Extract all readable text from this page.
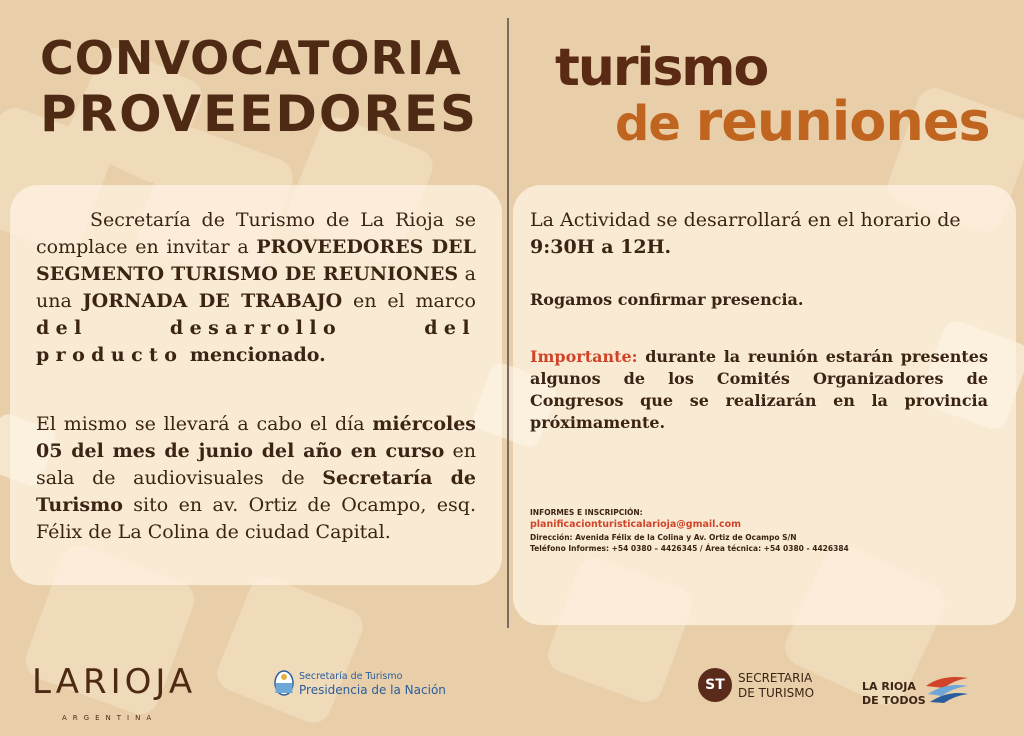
CONVOCATORIA
PROVEEDORES
turismo
de reuniones
Secretaría de Turismo de La Rioja se complace en invitar a PROVEEDORES DEL SEGMENTO TURISMO DE REUNIONES a una JORNADA DE TRABAJO en el marco del desarrollo del producto mencionado.
El mismo se llevará a cabo el día miércoles 05 del mes de junio del año en curso en sala de audiovisuales de Secretaría de Turismo sito en av. Ortiz de Ocampo, esq. Félix de La Colina de ciudad Capital.
La Actividad se desarrollará en el horario de 9:30H a 12H.
Rogamos confirmar presencia.
Importante: durante la reunión estarán presentes algunos de los Comités Organizadores de Congresos que se realizarán en la provincia próximamente.
INFORMES E INSCRIPCIÓN:
planificacionturisticalarioja@gmail.com
Dirección: Avenida Félix de la Colina y Av. Ortiz de Ocampo S/N
Teléfono Informes: +54 0380 – 4426345 / Área técnica: +54 0380 - 4426384
LARIOJA
ARGENTINA
Secretaría de Turismo
Presidencia de la Nación	ST	SECRETARIA
DE TURISMO	LA RIOJA
DE TODOS
